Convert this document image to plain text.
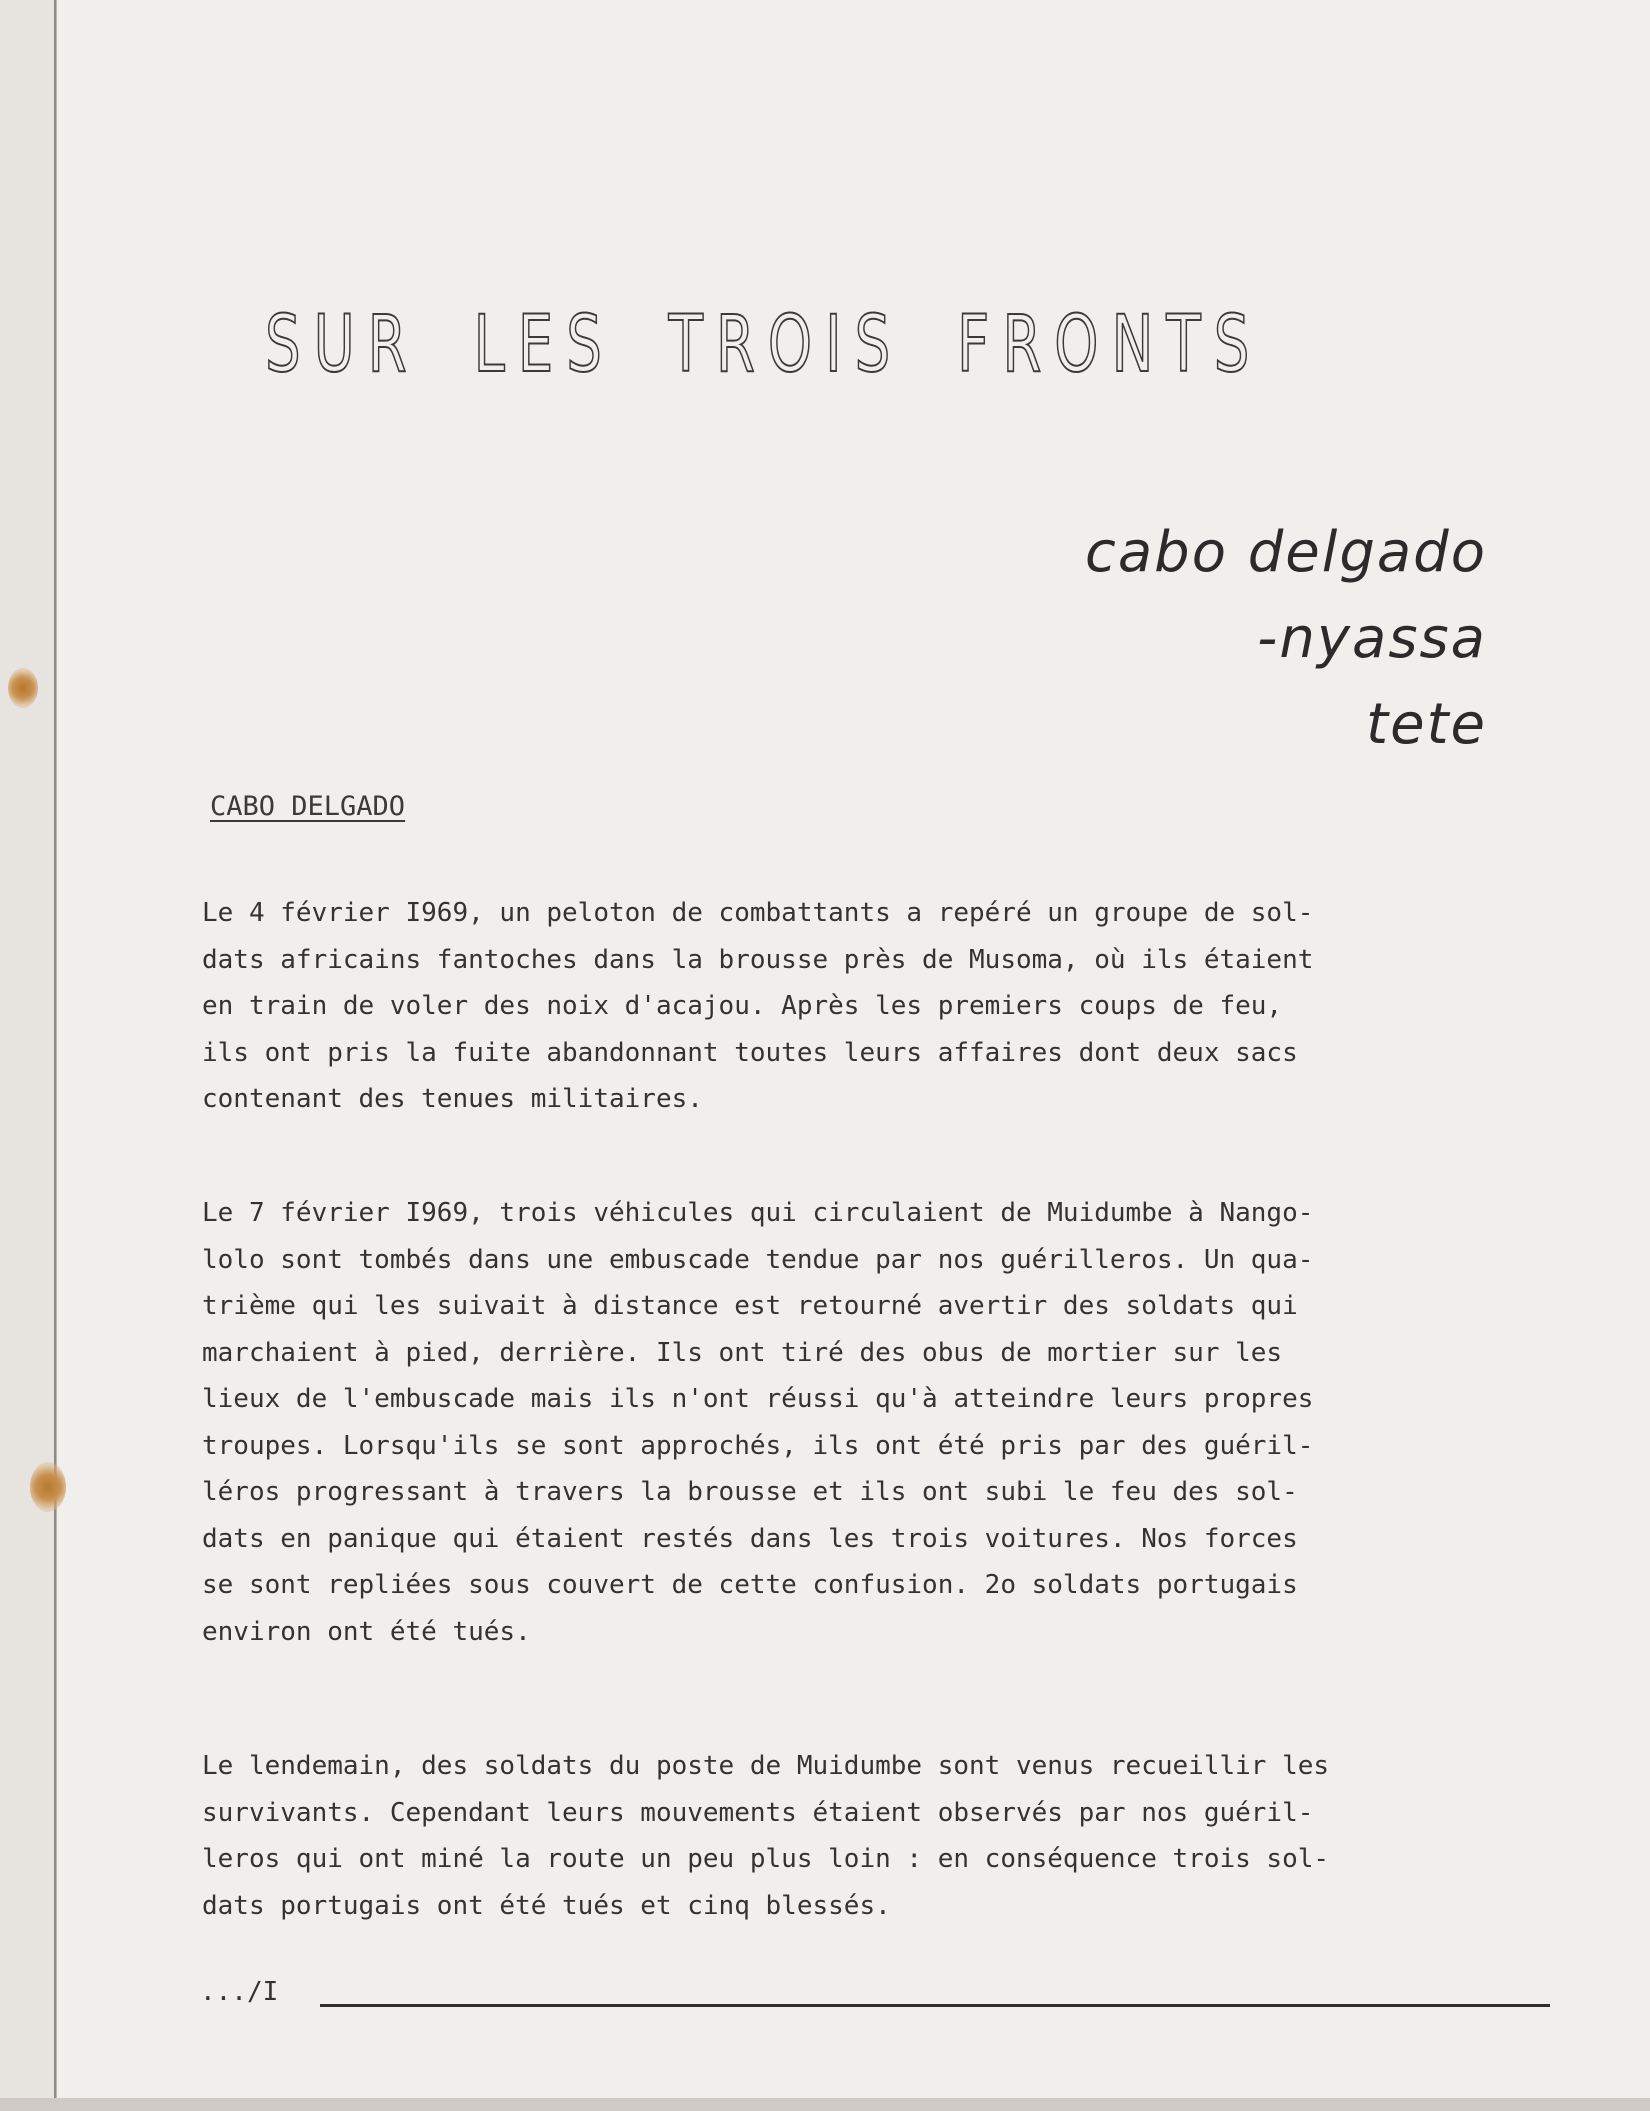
SUR LES TROIS FRONTS
cabo delgado
-nyassa
tete
CABO DELGADO
Le 4 février I969, un peloton de combattants a repéré un groupe de sol-
dats africains fantoches dans la brousse près de Musoma, où ils étaient
en train de voler des noix d'acajou. Après les premiers coups de feu,
ils ont pris la fuite abandonnant toutes leurs affaires dont deux sacs
contenant des tenues militaires.
Le 7 février I969, trois véhicules qui circulaient de Muidumbe à Nango-
lolo sont tombés dans une embuscade tendue par nos guérilleros. Un qua-
trième qui les suivait à distance est retourné avertir des soldats qui
marchaient à pied, derrière. Ils ont tiré des obus de mortier sur les
lieux de l'embuscade mais ils n'ont réussi qu'à atteindre leurs propres
troupes. Lorsqu'ils se sont approchés, ils ont été pris par des guéril-
léros progressant à travers la brousse et ils ont subi le feu des sol-
dats en panique qui étaient restés dans les trois voitures. Nos forces
se sont repliées sous couvert de cette confusion. 2o soldats portugais
environ ont été tués.
Le lendemain, des soldats du poste de Muidumbe sont venus recueillir les
survivants. Cependant leurs mouvements étaient observés par nos guéril-
leros qui ont miné la route un peu plus loin : en conséquence trois sol-
dats portugais ont été tués et cinq blessés.
.../I
